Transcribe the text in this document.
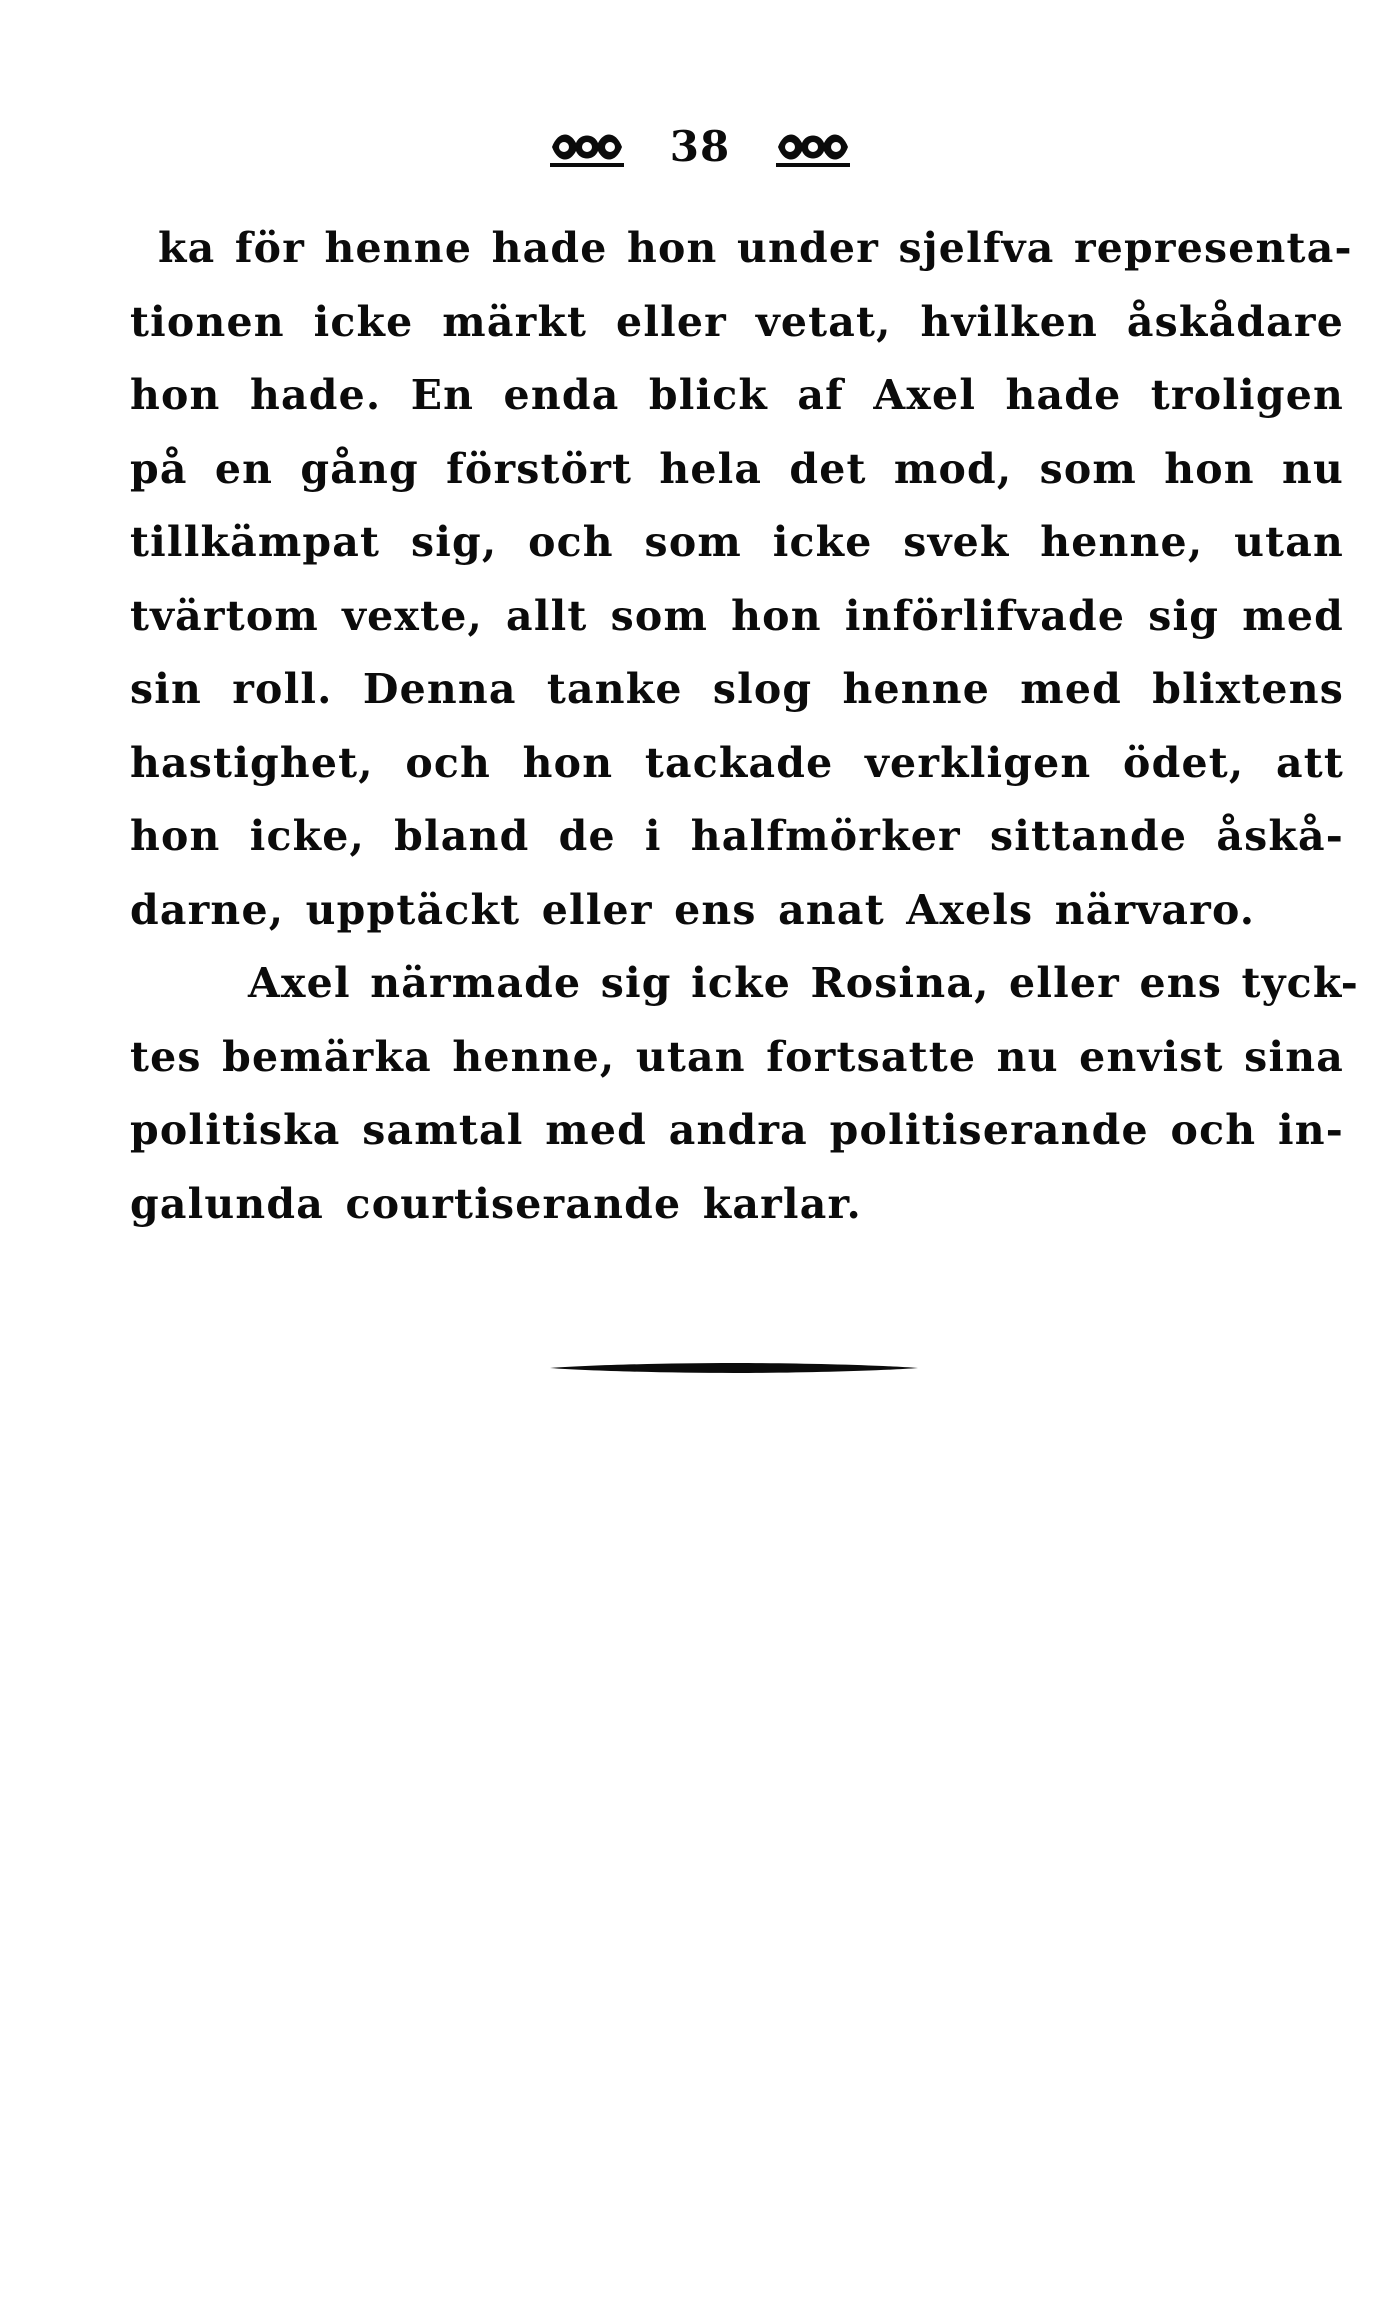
38
ka för henne hade hon under sjelfva representa-
tionen icke märkt eller vetat, hvilken åskådare
hon hade. En enda blick af Axel hade troligen
på en gång förstört hela det mod, som hon nu
tillkämpat sig, och som icke svek henne, utan
tvärtom vexte, allt som hon införlifvade sig med
sin roll. Denna tanke slog henne med blixtens
hastighet, och hon tackade verkligen ödet, att
hon icke, bland de i halfmörker sittande åskå-
darne, upptäckt eller ens anat Axels närvaro.
Axel närmade sig icke Rosina, eller ens tyck-
tes bemärka henne, utan fortsatte nu envist sina
politiska samtal med andra politiserande och in-
galunda courtiserande karlar.
